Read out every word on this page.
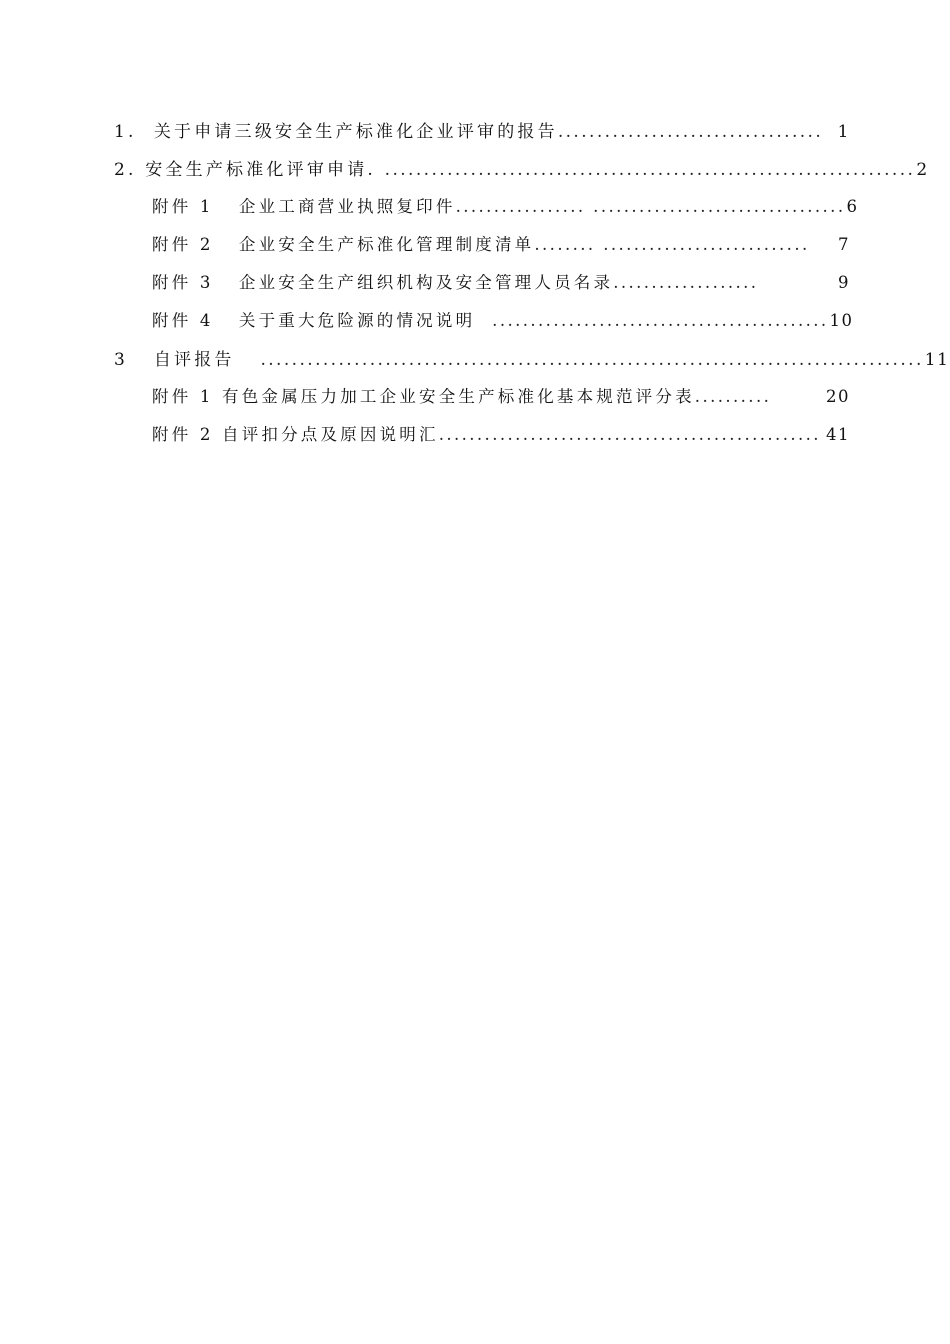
1.  关于申请三级安全生产标准化企业评审的报告 .................................. 1
2. 安全生产标准化评审申请. .................................................................... 2
附件 1   企业工商营业执照复印件 ................. ................................. 6
附件 2   企业安全生产标准化管理制度清单 ........ ...........................	7
附件 3   企业安全生产组织机构及安全管理人员名录 ...................	9
附件 4   关于重大危险源的情况说明 ............................................ 10
3   自评报告 ..................................................................................... 11
附件 1 有色金属压力加工企业安全生产标准化基本规范评分表 ..........	20
附件 2 自评扣分点及原因说明汇 .................................................. 41
